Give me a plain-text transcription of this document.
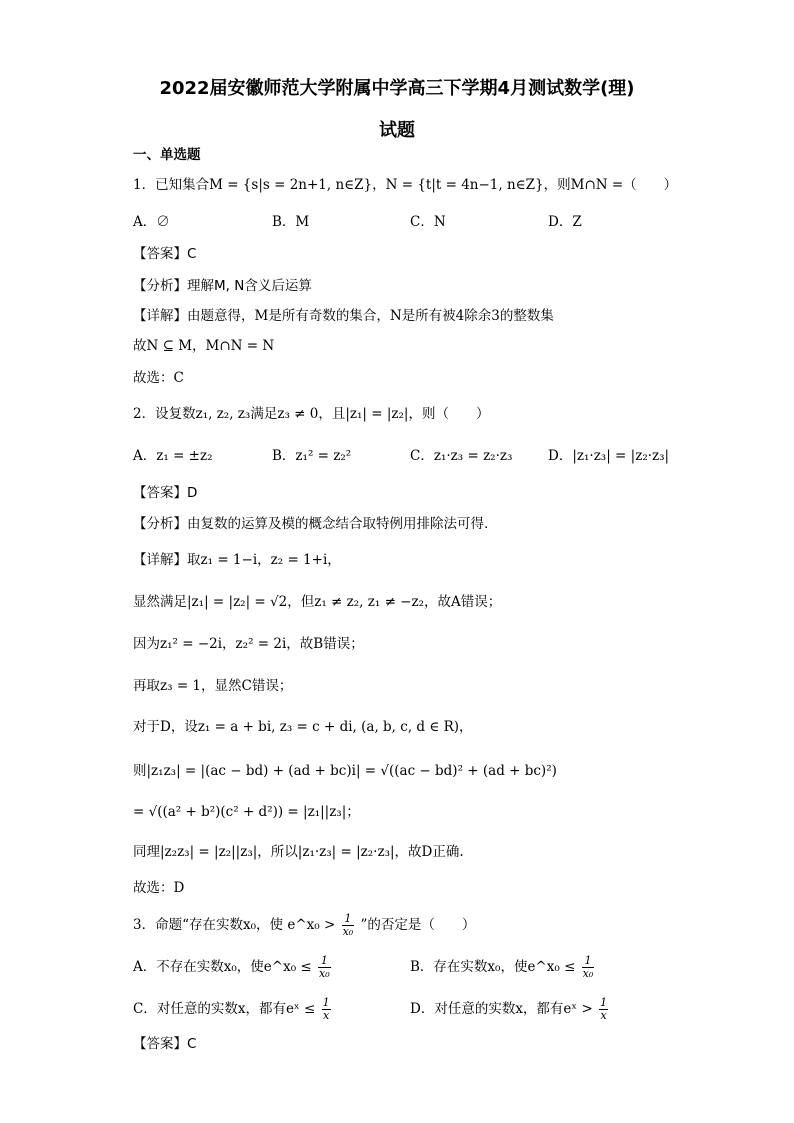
2022届安徽师范大学附属中学高三下学期4月测试数学(理)
试题
一、单选题
1．已知集合M = {s|s = 2n+1, n∈Z}，N = {t|t = 4n−1, n∈Z}，则M∩N =（　　）
A．∅	B．M	C．N	D．Z
【答案】C
【分析】理解M, N含义后运算
【详解】由题意得，M是所有奇数的集合，N是所有被4除余3的整数集
故N ⊆ M，M∩N = N
故选：C
2．设复数z₁, z₂, z₃满足z₃ ≠ 0，且|z₁| = |z₂|，则（　　）
A．z₁ = ±z₂	B．z₁² = z₂²	C．z₁·z₃ = z₂·z₃	D．|z₁·z₃| = |z₂·z₃|
【答案】D
【分析】由复数的运算及模的概念结合取特例用排除法可得.
【详解】取z₁ = 1−i，z₂ = 1+i，
显然满足|z₁| = |z₂| = √2，但z₁ ≠ z₂, z₁ ≠ −z₂，故A错误；
因为z₁² = −2i，z₂² = 2i，故B错误；
再取z₃ = 1，显然C错误；
对于D，设z₁ = a + bi, z₃ = c + di, (a, b, c, d ∈ R)，
则|z₁z₃| = |(ac − bd) + (ad + bc)i| = √((ac − bd)² + (ad + bc)²)
= √((a² + b²)(c² + d²)) = |z₁||z₃|；
同理|z₂z₃| = |z₂||z₃|，所以|z₁·z₃| = |z₂·z₃|，故D正确.
故选：D
3．命题“存在实数x₀，使 e^x₀ > $\frac{1}{\text{x₀}}$ ”的否定是（　　）
A．不存在实数x₀，使e^x₀ ≤ $\frac{1}{\text{x₀}}$	B．存在实数x₀，使e^x₀ ≤ $\frac{1}{\text{x₀}}$
C．对任意的实数x，都有eˣ ≤ $\frac{1}{x}$	D．对任意的实数x，都有eˣ > $\frac{1}{x}$
【答案】C
